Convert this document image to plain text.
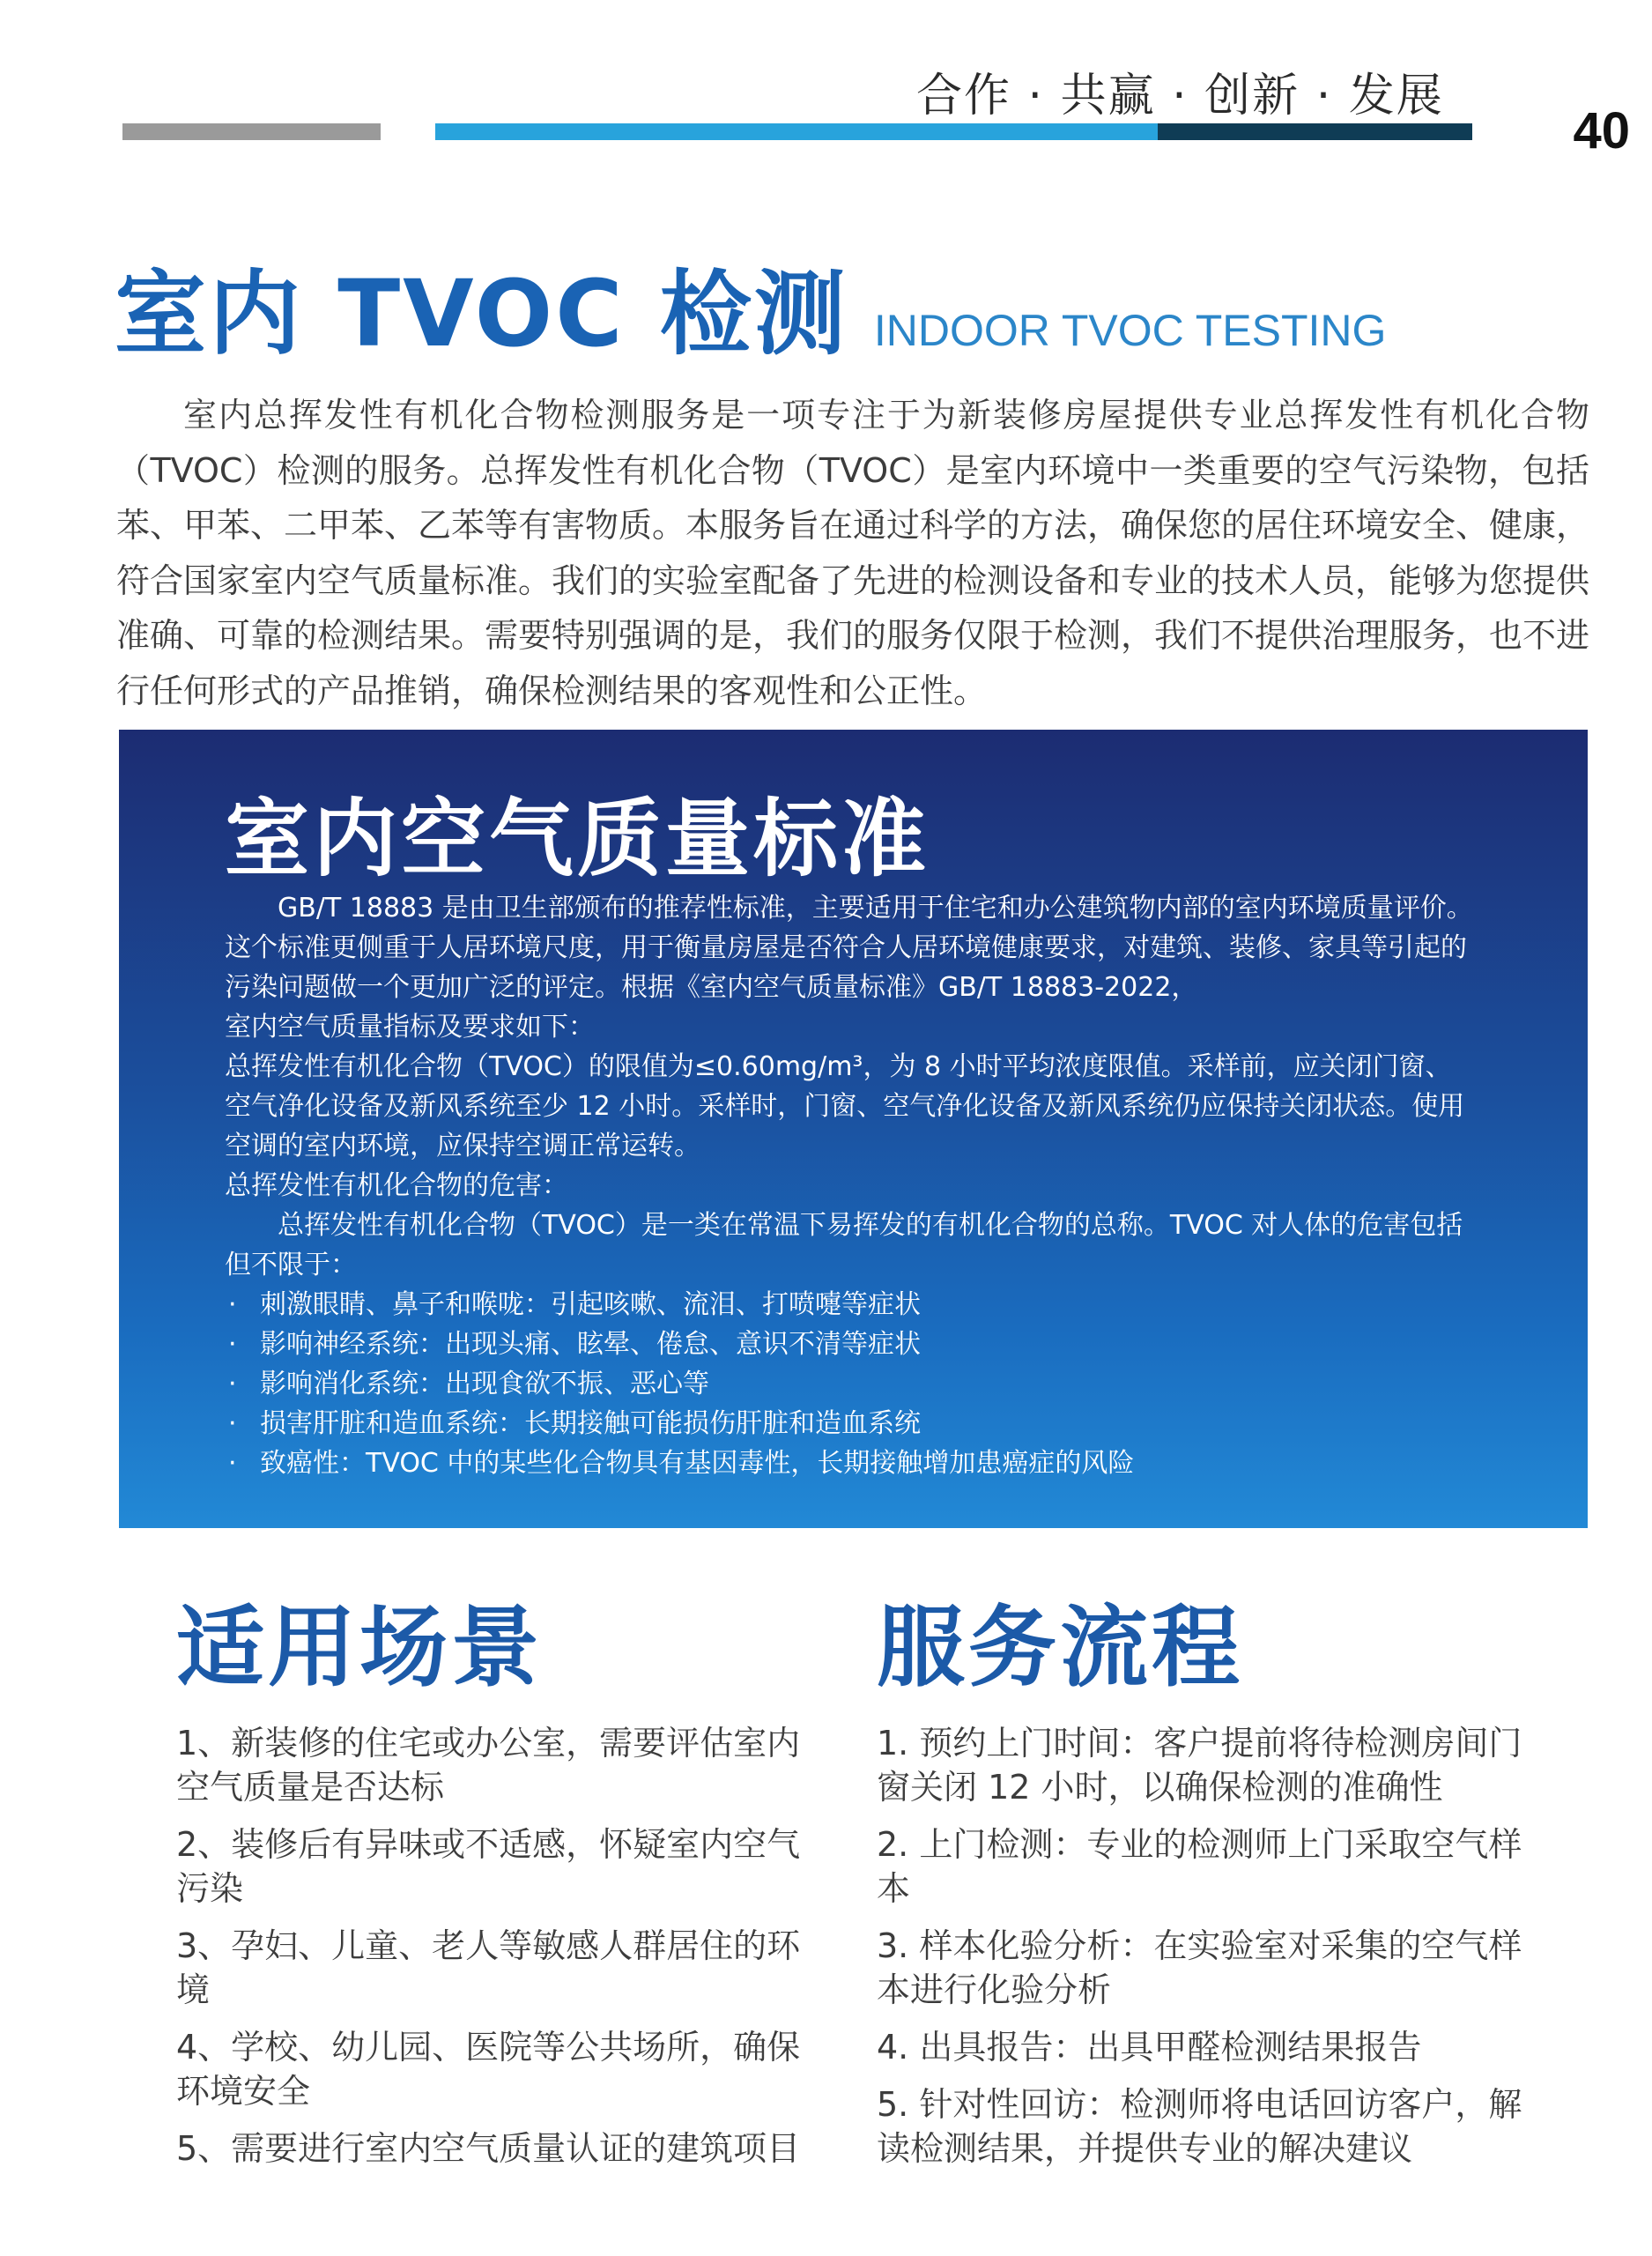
合作 · 共赢 · 创新 · 发展
40
室内 TVOC 检测 INDOOR TVOC TESTING

室内总挥发性有机化合物检测服务是一项专注于为新装修房屋提供专业总挥发性有机化合物（TVOC）检测的服务。总挥发性有机化合物（TVOC）是室内环境中一类重要的空气污染物，包括苯、甲苯、二甲苯、乙苯等有害物质。本服务旨在通过科学的方法，确保您的居住环境安全、健康，符合国家室内空气质量标准。我们的实验室配备了先进的检测设备和专业的技术人员，能够为您提供准确、可靠的检测结果。需要特别强调的是，我们的服务仅限于检测，我们不提供治理服务，也不进行任何形式的产品推销，确保检测结果的客观性和公正性。

室内空气质量标准
GB/T 18883 是由卫生部颁布的推荐性标准，主要适用于住宅和办公建筑物内部的室内环境质量评价。这个标准更侧重于人居环境尺度，用于衡量房屋是否符合人居环境健康要求，对建筑、装修、家具等引起的污染问题做一个更加广泛的评定。根据《室内空气质量标准》GB/T 18883-2022，
室内空气质量指标及要求如下：
总挥发性有机化合物（TVOC）的限值为≤0.60mg/m³，为 8 小时平均浓度限值。采样前，应关闭门窗、空气净化设备及新风系统至少 12 小时。采样时，门窗、空气净化设备及新风系统仍应保持关闭状态。使用空调的室内环境，应保持空调正常运转。
总挥发性有机化合物的危害：
总挥发性有机化合物（TVOC）是一类在常温下易挥发的有机化合物的总称。TVOC 对人体的危害包括但不限于：
· 刺激眼睛、鼻子和喉咙：引起咳嗽、流泪、打喷嚏等症状
· 影响神经系统：出现头痛、眩晕、倦怠、意识不清等症状
· 影响消化系统：出现食欲不振、恶心等
· 损害肝脏和造血系统：长期接触可能损伤肝脏和造血系统
· 致癌性：TVOC 中的某些化合物具有基因毒性，长期接触增加患癌症的风险
适用场景
1、新装修的住宅或办公室，需要评估室内空气质量是否达标
2、装修后有异味或不适感，怀疑室内空气污染
3、孕妇、儿童、老人等敏感人群居住的环境
4、学校、幼儿园、医院等公共场所，确保环境安全
5、需要进行室内空气质量认证的建筑项目
服务流程
1. 预约上门时间：客户提前将待检测房间门窗关闭 12 小时，以确保检测的准确性
2. 上门检测：专业的检测师上门采取空气样本
3. 样本化验分析：在实验室对采集的空气样本进行化验分析
4. 出具报告：出具甲醛检测结果报告
5. 针对性回访：检测师将电话回访客户，解读检测结果，并提供专业的解决建议
